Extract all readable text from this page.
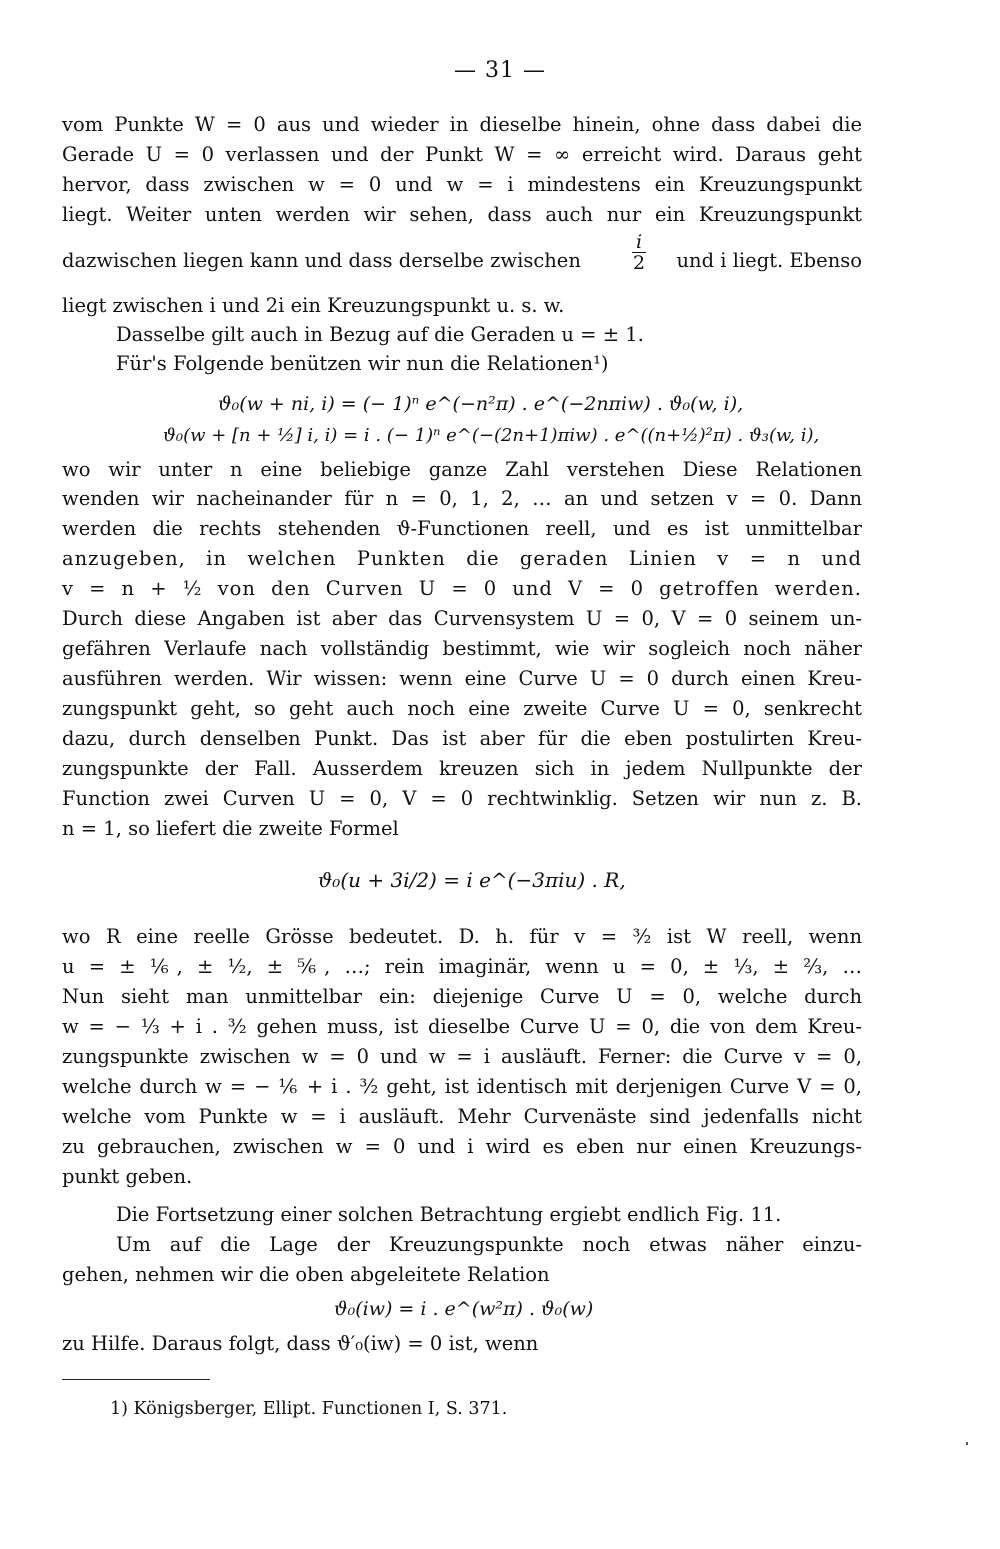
— 31 —
vom Punkte W = 0 aus und wieder in dieselbe hinein, ohne dass dabei die
Gerade U = 0 verlassen und der Punkt W = ∞ erreicht wird. Daraus geht
hervor, dass zwischen w = 0 und w = i mindestens ein Kreuzungspunkt
liegt. Weiter unten werden wir sehen, dass auch nur ein Kreuzungspunkt
dazwischen liegen kann und dass derselbe zwischen
i
2 und i liegt. Ebenso
liegt zwischen i und 2i ein Kreuzungspunkt u. s. w.
Dasselbe gilt auch in Bezug auf die Geraden u = ± 1.
Für's Folgende benützen wir nun die Relationen¹)
ϑ₀(w + ni, i) = (− 1)ⁿ e^(−n²π) . e^(−2nπiw) . ϑ₀(w, i),
ϑ₀(w + [n + ½] i, i) = i . (− 1)ⁿ e^(−(2n+1)πiw) . e^((n+½)²π) . ϑ₃(w, i),
wo wir unter n eine beliebige ganze Zahl verstehen Diese Relationen
wenden wir nacheinander für n = 0, 1, 2, … an und setzen v = 0. Dann
werden die rechts stehenden ϑ-Functionen reell, und es ist unmittelbar
anzugeben, in welchen Punkten die geraden Linien v = n und
v = n + ½ von den Curven U = 0 und V = 0 getroffen werden.
Durch diese Angaben ist aber das Curvensystem U = 0, V = 0 seinem un-
gefähren Verlaufe nach vollständig bestimmt, wie wir sogleich noch näher
ausführen werden. Wir wissen: wenn eine Curve U = 0 durch einen Kreu-
zungspunkt geht, so geht auch noch eine zweite Curve U = 0, senkrecht
dazu, durch denselben Punkt. Das ist aber für die eben postulirten Kreu-
zungspunkte der Fall. Ausserdem kreuzen sich in jedem Nullpunkte der
Function zwei Curven U = 0, V = 0 rechtwinklig. Setzen wir nun z. B.
n = 1, so liefert die zweite Formel
ϑ₀(u + 3i/2) = i e^(−3πiu) . R,
wo R eine reelle Grösse bedeutet. D. h. für v = ³⁄₂ ist W reell, wenn
u = ± ⅙, ± ½, ± ⅚, …; rein imaginär, wenn u = 0, ± ⅓, ± ⅔, …
Nun sieht man unmittelbar ein: diejenige Curve U = 0, welche durch
w = − ⅓ + i . ³⁄₂ gehen muss, ist dieselbe Curve U = 0, die von dem Kreu-
zungspunkte zwischen w = 0 und w = i ausläuft. Ferner: die Curve v = 0,
welche durch w = − ⅙ + i . ³⁄₂ geht, ist identisch mit derjenigen Curve V = 0,
welche vom Punkte w = i ausläuft. Mehr Curvenäste sind jedenfalls nicht
zu gebrauchen, zwischen w = 0 und i wird es eben nur einen Kreuzungs-
punkt geben.
Die Fortsetzung einer solchen Betrachtung ergiebt endlich Fig. 11.
Um auf die Lage der Kreuzungspunkte noch etwas näher einzu-
gehen, nehmen wir die oben abgeleitete Relation
ϑ₀(iw) = i . e^(w²π) . ϑ₀(w)
zu Hilfe. Daraus folgt, dass ϑ′₀(iw) = 0 ist, wenn
1) Königsberger, Ellipt. Functionen I, S. 371.
